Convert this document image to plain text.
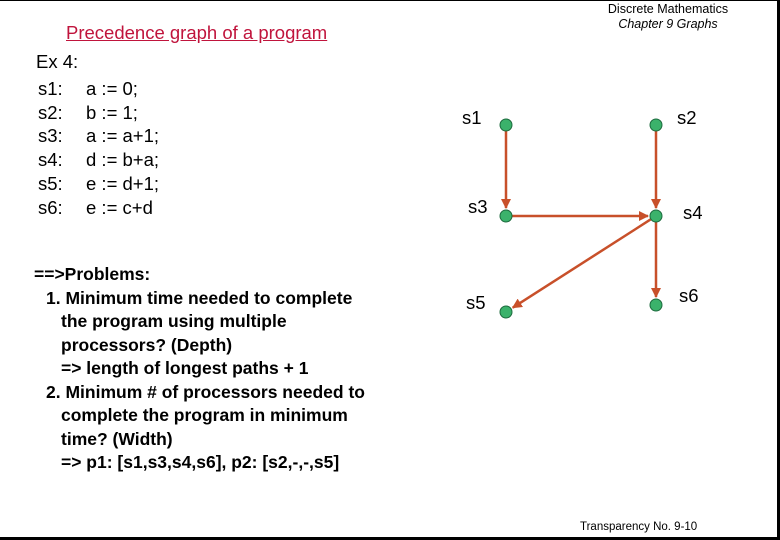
Discrete Mathematics
Chapter 9 Graphs
Precedence graph of a program
Ex 4:
s1: a := 0;
s2: b := 1;
s3: a := a+1;
s4: d := b+a;
s5: e := d+1;
s6: e := c+d
==>Problems:
1. Minimum time needed to complete
the program using multiple
processors? (Depth)
=> length of longest paths + 1
2. Minimum # of processors needed to
complete the program in minimum
time? (Width)
=> p1: [s1,s3,s4,s6], p2: [s2,-,-,s5]
s1	s2
s3	s4
s5	s6
Transparency No. 9-10
